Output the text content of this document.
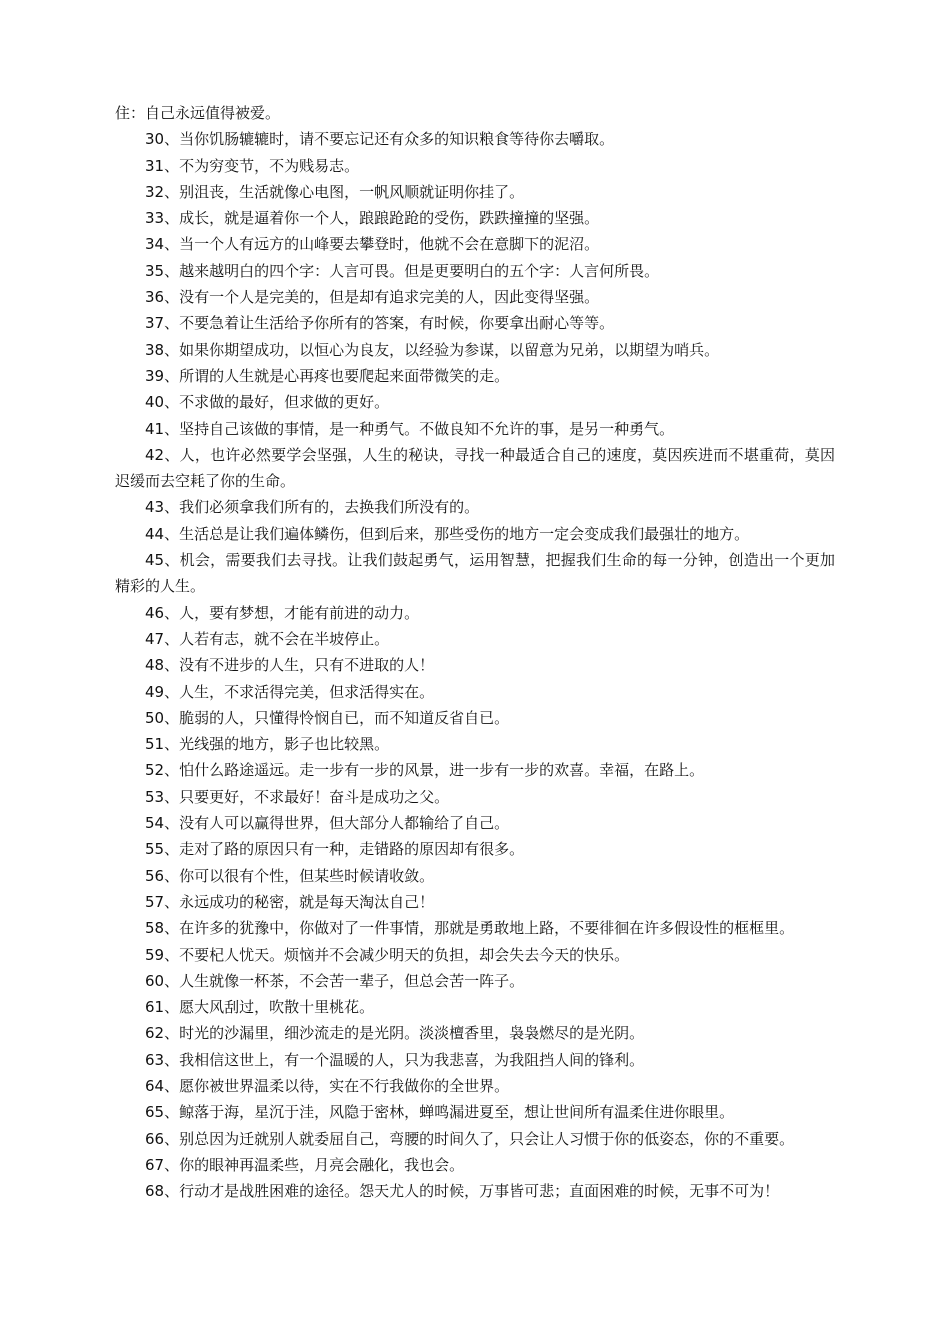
住：自己永远值得被爱。

30、当你饥肠辘辘时，请不要忘记还有众多的知识粮食等待你去嚼取。

31、不为穷变节，不为贱易志。

32、别沮丧，生活就像心电图，一帆风顺就证明你挂了。

33、成长，就是逼着你一个人，踉踉跄跄的受伤，跌跌撞撞的坚强。

34、当一个人有远方的山峰要去攀登时，他就不会在意脚下的泥沼。

35、越来越明白的四个字：人言可畏。但是更要明白的五个字：人言何所畏。

36、没有一个人是完美的，但是却有追求完美的人，因此变得坚强。

37、不要急着让生活给予你所有的答案，有时候，你要拿出耐心等等。

38、如果你期望成功，以恒心为良友，以经验为参谋，以留意为兄弟，以期望为哨兵。

39、所谓的人生就是心再疼也要爬起来面带微笑的走。

40、不求做的最好，但求做的更好。

41、坚持自己该做的事情，是一种勇气。不做良知不允许的事，是另一种勇气。

42、人，也许必然要学会坚强，人生的秘诀，寻找一种最适合自己的速度，莫因疾进而不堪重荷，莫因迟缓而去空耗了你的生命。

43、我们必须拿我们所有的，去换我们所没有的。

44、生活总是让我们遍体鳞伤，但到后来，那些受伤的地方一定会变成我们最强壮的地方。

45、机会，需要我们去寻找。让我们鼓起勇气，运用智慧，把握我们生命的每一分钟，创造出一个更加精彩的人生。

46、人，要有梦想，才能有前进的动力。

47、人若有志，就不会在半坡停止。

48、没有不进步的人生，只有不进取的人！

49、人生，不求活得完美，但求活得实在。

50、脆弱的人，只懂得怜悯自已，而不知道反省自已。

51、光线强的地方，影子也比较黑。

52、怕什么路途遥远。走一步有一步的风景，进一步有一步的欢喜。幸福，在路上。

53、只要更好，不求最好！奋斗是成功之父。

54、没有人可以赢得世界，但大部分人都输给了自己。

55、走对了路的原因只有一种，走错路的原因却有很多。

56、你可以很有个性，但某些时候请收敛。

57、永远成功的秘密，就是每天淘汰自己！

58、在许多的犹豫中，你做对了一件事情，那就是勇敢地上路，不要徘徊在许多假设性的框框里。

59、不要杞人忧天。烦恼并不会减少明天的负担，却会失去今天的快乐。

60、人生就像一杯茶，不会苦一辈子，但总会苦一阵子。

61、愿大风刮过，吹散十里桃花。

62、时光的沙漏里，细沙流走的是光阴。淡淡檀香里，袅袅燃尽的是光阴。

63、我相信这世上，有一个温暖的人，只为我悲喜，为我阻挡人间的锋利。

64、愿你被世界温柔以待，实在不行我做你的全世界。

65、鲸落于海，星沉于洼，风隐于密林，蝉鸣漏进夏至，想让世间所有温柔住进你眼里。

66、别总因为迁就别人就委屈自己，弯腰的时间久了，只会让人习惯于你的低姿态，你的不重要。

67、你的眼神再温柔些，月亮会融化，我也会。

68、行动才是战胜困难的途径。怨天尤人的时候，万事皆可悲；直面困难的时候，无事不可为！
